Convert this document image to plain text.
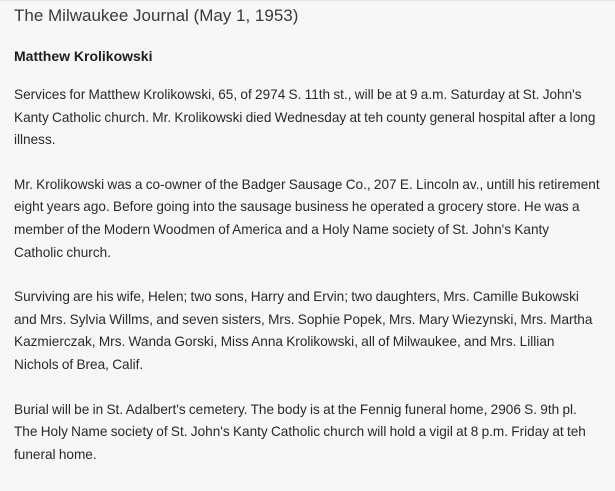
The Milwaukee Journal (May 1, 1953)
Matthew Krolikowski

Services for Matthew Krolikowski, 65, of 2974 S. 11th st., will be at 9 a.m. Saturday at St. John's Kanty Catholic church. Mr. Krolikowski died Wednesday at teh county general hospital after a long illness.

Mr. Krolikowski was a co-owner of the Badger Sausage Co., 207 E. Lincoln av., untill his retirement eight years ago. Before going into the sausage business he operated a grocery store. He was a member of the Modern Woodmen of America and a Holy Name society of St. John's Kanty Catholic church.

Surviving are his wife, Helen; two sons, Harry and Ervin; two daughters, Mrs. Camille Bukowski and Mrs. Sylvia Willms, and seven sisters, Mrs. Sophie Popek, Mrs. Mary Wiezynski, Mrs. Martha Kazmierczak, Mrs. Wanda Gorski, Miss Anna Krolikowski, all of Milwaukee, and Mrs. Lillian Nichols of Brea, Calif.

Burial will be in St. Adalbert's cemetery. The body is at the Fennig funeral home, 2906 S. 9th pl. The Holy Name society of St. John's Kanty Catholic church will hold a vigil at 8 p.m. Friday at teh funeral home.
